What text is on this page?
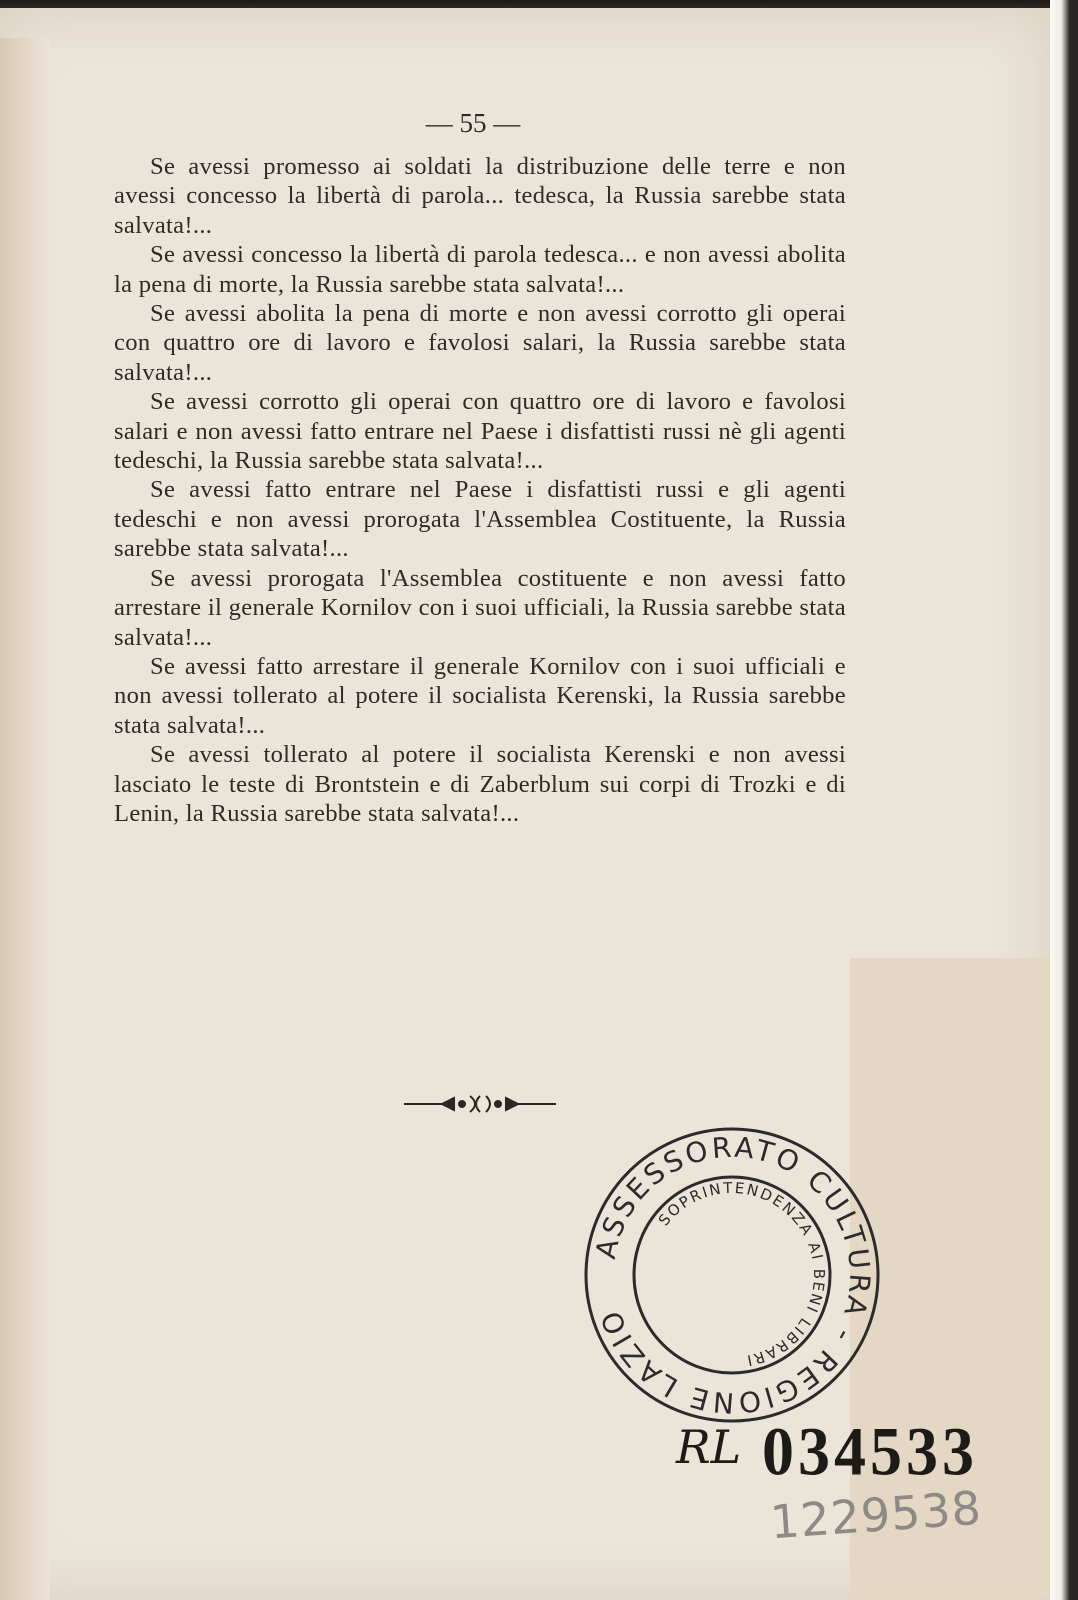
— 55 —

Se avessi promesso ai soldati la distribuzione delle terre e non avessi concesso la libertà di parola... tedesca, la Russia sarebbe stata salvata!...

Se avessi concesso la libertà di parola tedesca... e non avessi abolita la pena di morte, la Russia sarebbe stata salvata!...

Se avessi abolita la pena di morte e non avessi corrotto gli operai con quattro ore di lavoro e favolosi salari, la Russia sarebbe stata salvata!...

Se avessi corrotto gli operai con quattro ore di lavoro e favolosi salari e non avessi fatto entrare nel Paese i disfattisti russi nè gli agenti tedeschi, la Russia sarebbe stata salvata!...

Se avessi fatto entrare nel Paese i disfattisti russi e gli agenti tedeschi e non avessi prorogata l'Assemblea Costituente, la Russia sarebbe stata salvata!...

Se avessi prorogata l'Assemblea costituente e non avessi fatto arrestare il generale Kornilov con i suoi ufficiali, la Russia sarebbe stata salvata!...

Se avessi fatto arrestare il generale Kornilov con i suoi ufficiali e non avessi tollerato al potere il socialista Kerenski, la Russia sarebbe stata salvata!...

Se avessi tollerato al potere il socialista Kerenski e non avessi lasciato le teste di Brontstein e di Zaberblum sui corpi di Trozki e di Lenin, la Russia sarebbe stata salvata!...

ASSESSORATO CULTURA - REGIONE LAZIO
SOPRINTENDENZA AI BENI LIBRARI
RL 034533
1229538
